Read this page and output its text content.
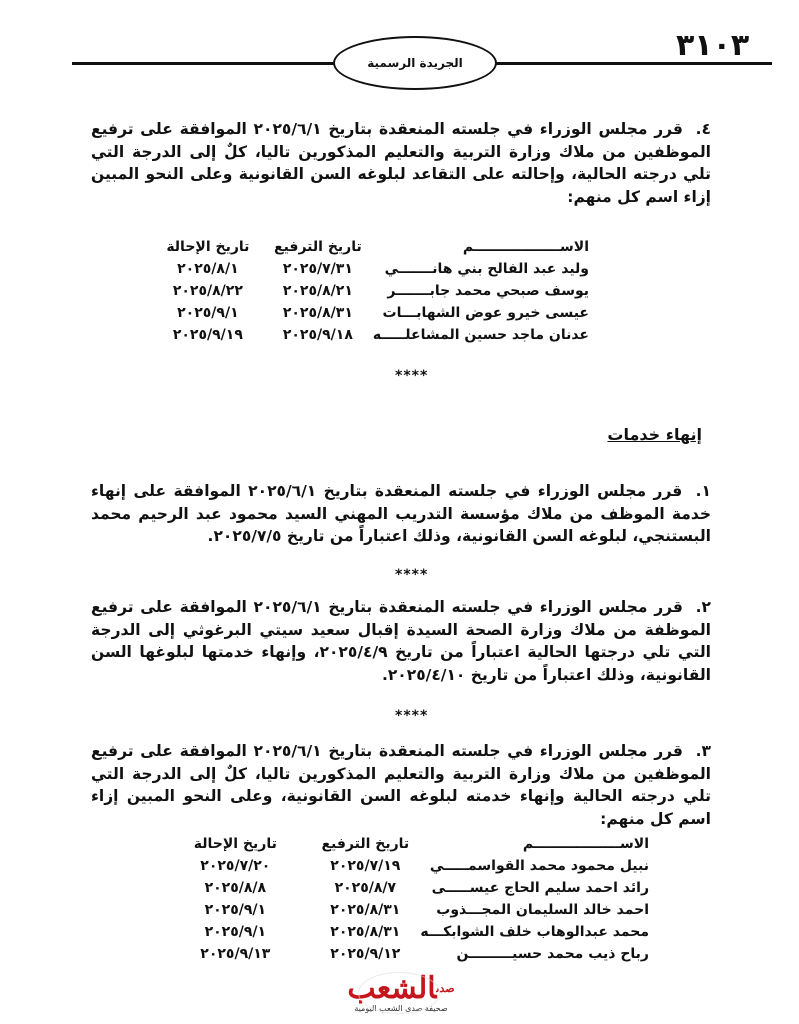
٣١٠٣
الجريدة الرسمية
٤. قرر مجلس الوزراء في جلسته المنعقدة بتاريخ ٢٠٢٥/٦/١ الموافقة على ترفيع الموظفين من ملاك وزارة التربية والتعليم المذكورين تاليا، كلٌ إلى الدرجة التي تلي درجته الحالية، وإحالته على التقاعد لبلوغه السن القانونية وعلى النحو المبين إزاء اسم كل منهم:
الاســــــــــــــــــم	تاريخ الترفيع	تاريخ الإحالة
وليد عبد الفالح بني هانـــــــي	٢٠٢٥/٧/٣١	٢٠٢٥/٨/١
يوسف صبحي محمد جابـــــــر	٢٠٢٥/٨/٢١	٢٠٢٥/٨/٢٢
عيسى خيرو عوض الشهابـــات	٢٠٢٥/٨/٣١	٢٠٢٥/٩/١
عدنان ماجد حسين المشاعلـــــه	٢٠٢٥/٩/١٨	٢٠٢٥/٩/١٩
****
إنهاء خدمات
١. قرر مجلس الوزراء في جلسته المنعقدة بتاريخ ٢٠٢٥/٦/١ الموافقة على إنهاء خدمة الموظف من ملاك مؤسسة التدريب المهني السيد محمود عبد الرحيم محمد البستنجي، لبلوغه السن القانونية، وذلك اعتباراً من تاريخ ٢٠٢٥/٧/٥.
****
٢. قرر مجلس الوزراء في جلسته المنعقدة بتاريخ ٢٠٢٥/٦/١ الموافقة على ترفيع الموظفة من ملاك وزارة الصحة السيدة إقبال سعيد سيتي البرغوثي إلى الدرجة التي تلي درجتها الحالية اعتباراً من تاريخ ٢٠٢٥/٤/٩، وإنهاء خدمتها لبلوغها السن القانونية، وذلك اعتباراً من تاريخ ٢٠٢٥/٤/١٠.
****
٣. قرر مجلس الوزراء في جلسته المنعقدة بتاريخ ٢٠٢٥/٦/١ الموافقة على ترفيع الموظفين من ملاك وزارة التربية والتعليم المذكورين تاليا، كلٌ إلى الدرجة التي تلي درجته الحالية وإنهاء خدمته لبلوغه السن القانونية، وعلى النحو المبين إزاء اسم كل منهم:
الاســــــــــــــــــم	تاريخ الترفيع	تاريخ الإحالة
نبيل محمود محمد القواسمـــــي	٢٠٢٥/٧/١٩	٢٠٢٥/٧/٢٠
رائد احمد سليم الحاج عيســـــى	٢٠٢٥/٨/٧	٢٠٢٥/٨/٨
احمد خالد السليمان المجـــذوب	٢٠٢٥/٨/٣١	٢٠٢٥/٩/١
محمد عبدالوهاب خلف الشوابكـــه	٢٠٢٥/٨/٣١	٢٠٢٥/٩/١
رباح ذيب محمد حسيـــــــــن	٢٠٢٥/٩/١٢	٢٠٢٥/٩/١٣
$^{صدى}$الشعب
صحيفة صدى الشعب اليومية
